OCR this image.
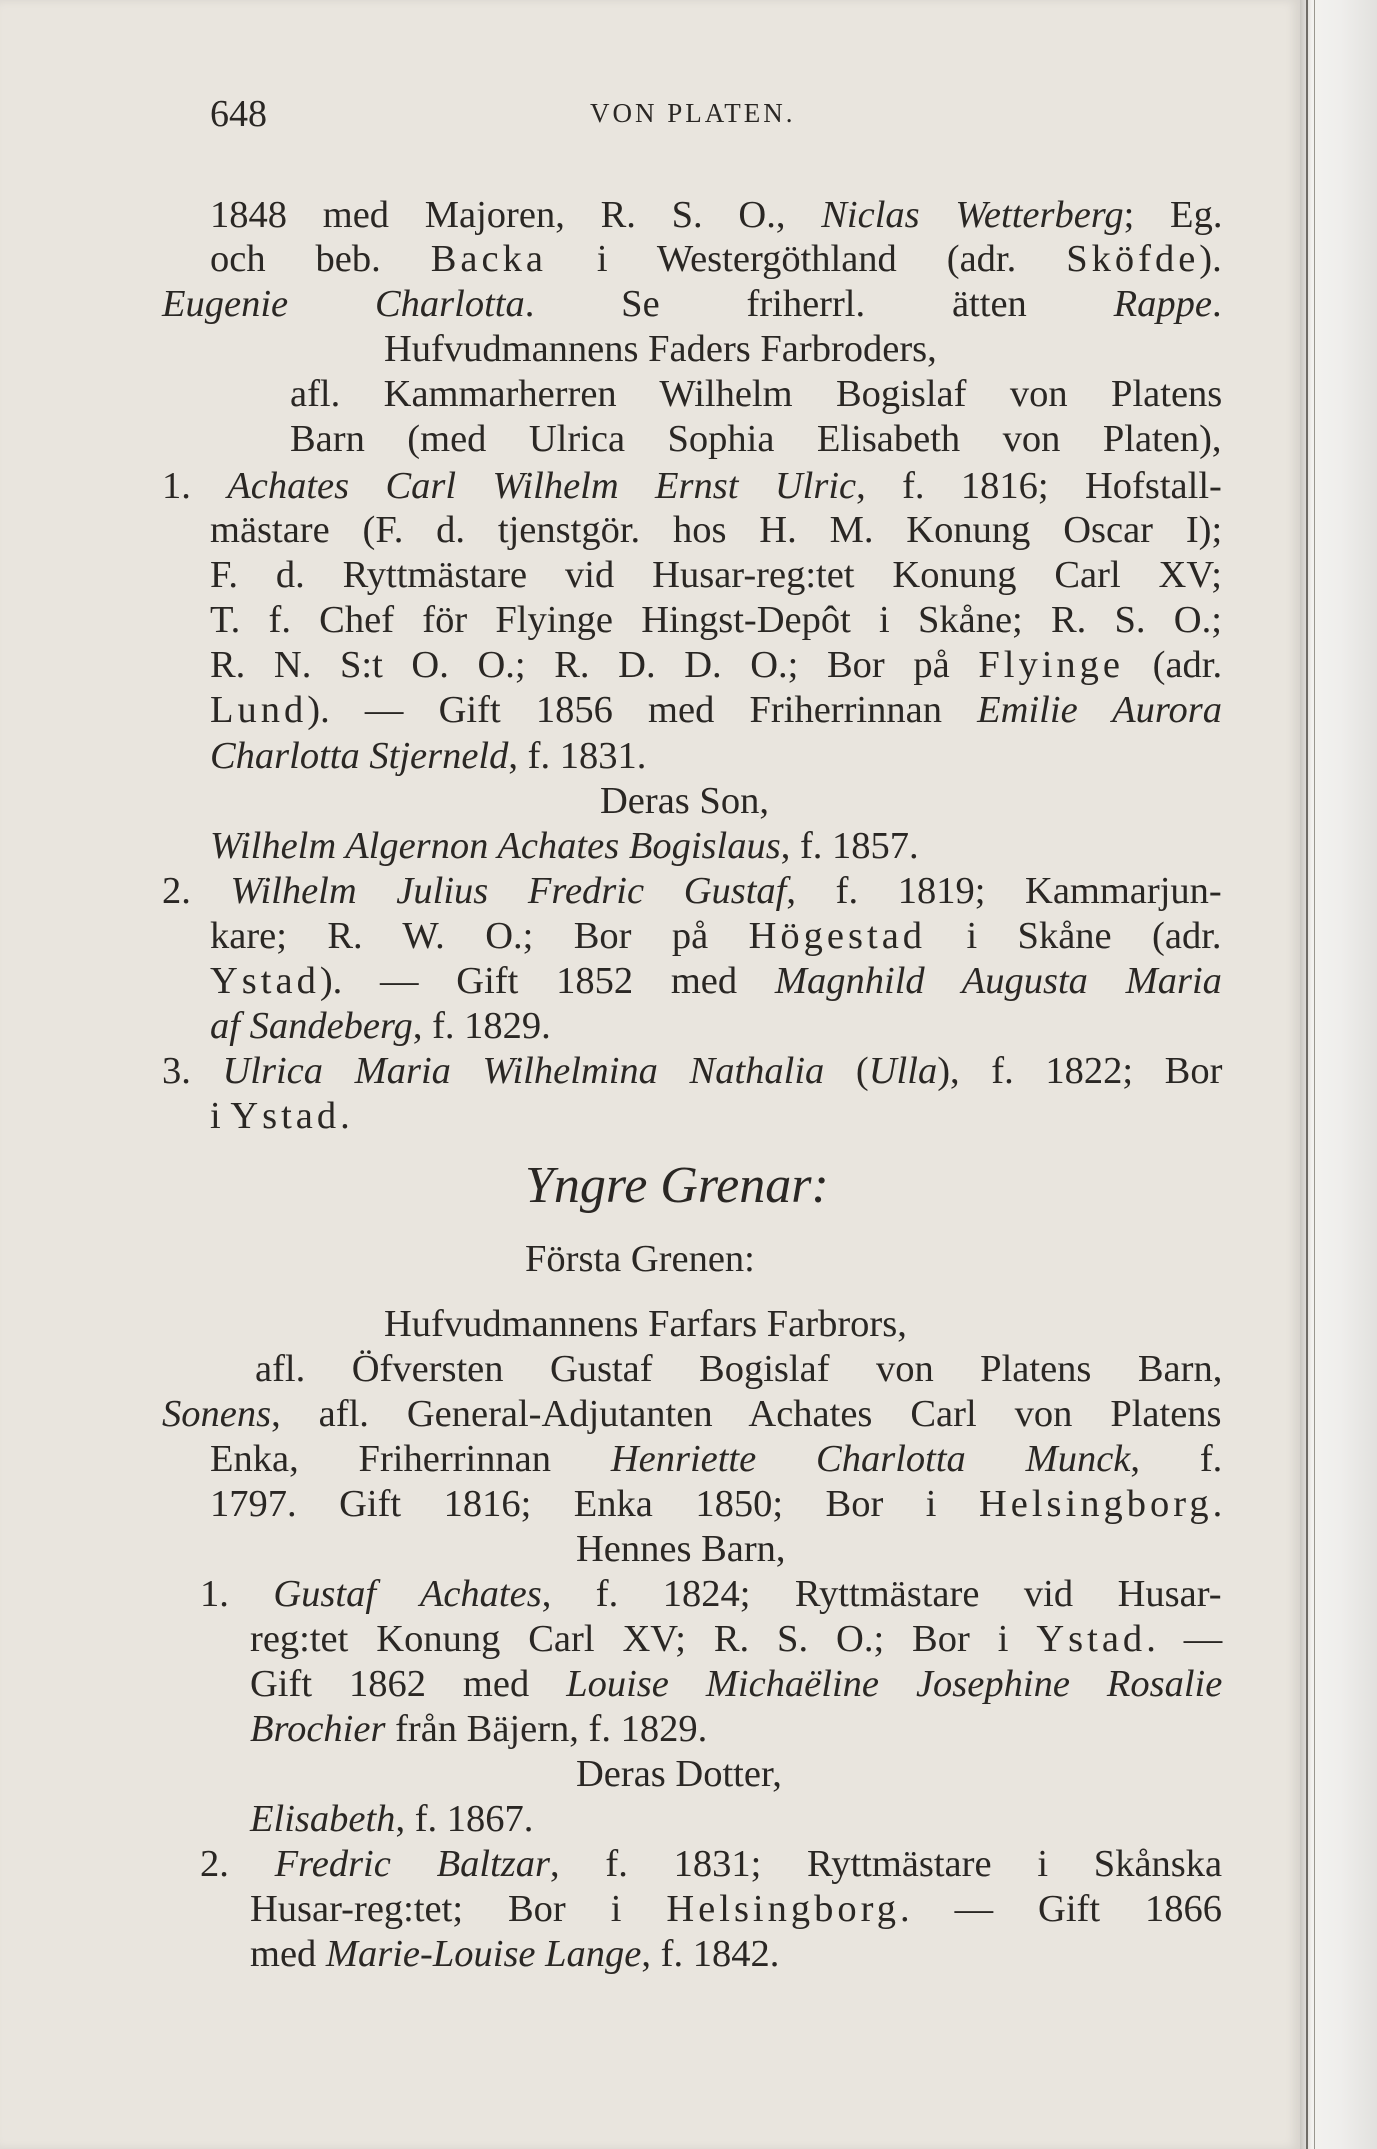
648	VON PLATEN.
1848 med Majoren, R. S. O., Niclas Wetterberg; Eg.
och beb. Backa i Westergöthland (adr. Sköfde).
Eugenie Charlotta. Se friherrl. ätten Rappe.
Hufvudmannens Faders Farbroders,
afl. Kammarherren Wilhelm Bogislaf von Platens
Barn (med Ulrica Sophia Elisabeth von Platen),
1. Achates Carl Wilhelm Ernst Ulric, f. 1816; Hofstall-
mästare (F. d. tjenstgör. hos H. M. Konung Oscar I);
F. d. Ryttmästare vid Husar-reg:tet Konung Carl XV;
T. f. Chef för Flyinge Hingst-Depôt i Skåne; R. S. O.;
R. N. S:t O. O.; R. D. D. O.; Bor på Flyinge (adr.
Lund). — Gift 1856 med Friherrinnan Emilie Aurora
Charlotta Stjerneld, f. 1831.
Deras Son,
Wilhelm Algernon Achates Bogislaus, f. 1857.
2. Wilhelm Julius Fredric Gustaf, f. 1819; Kammarjun-
kare; R. W. O.; Bor på Högestad i Skåne (adr.
Ystad). — Gift 1852 med Magnhild Augusta Maria
af Sandeberg, f. 1829.
3. Ulrica Maria Wilhelmina Nathalia (Ulla), f. 1822; Bor
i Ystad.
Yngre Grenar:
Första Grenen:
Hufvudmannens Farfars Farbrors,
afl. Öfversten Gustaf Bogislaf von Platens Barn,
Sonens, afl. General-Adjutanten Achates Carl von Platens
Enka, Friherrinnan Henriette Charlotta Munck, f.
1797. Gift 1816; Enka 1850; Bor i Helsingborg.
Hennes Barn,
1. Gustaf Achates, f. 1824; Ryttmästare vid Husar-
reg:tet Konung Carl XV; R. S. O.; Bor i Ystad. —
Gift 1862 med Louise Michaëline Josephine Rosalie
Brochier från Bäjern, f. 1829.
Deras Dotter,
Elisabeth, f. 1867.
2. Fredric Baltzar, f. 1831; Ryttmästare i Skånska
Husar-reg:tet; Bor i Helsingborg. — Gift 1866
med Marie-Louise Lange, f. 1842.
